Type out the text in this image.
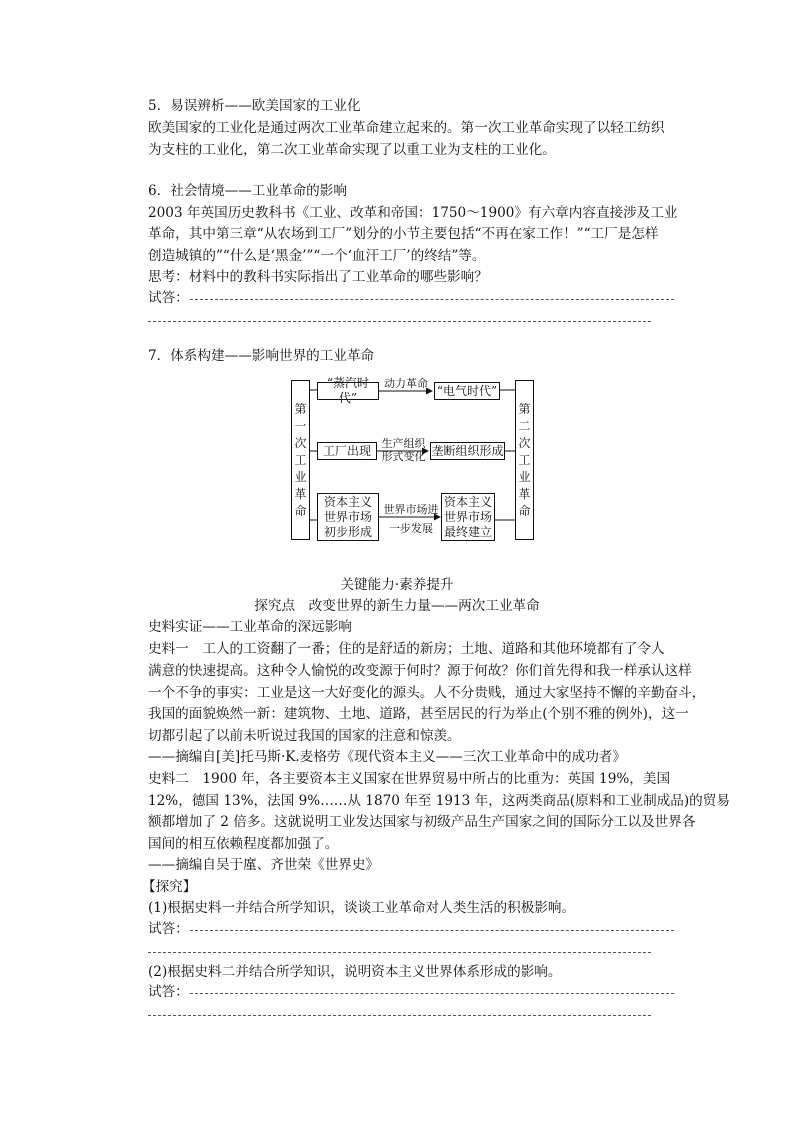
5．易误辨析——欧美国家的工业化
欧美国家的工业化是通过两次工业革命建立起来的。第一次工业革命实现了以轻工纺织
为支柱的工业化，第二次工业革命实现了以重工业为支柱的工业化。
6．社会情境——工业革命的影响
2003 年英国历史教科书《工业、改革和帝国：1750～1900》有六章内容直接涉及工业
革命，其中第三章“从农场到工厂”划分的小节主要包括“不再在家工作！”“工厂是怎样
创造城镇的”“什么是‘黑金’”“一个‘血汗工厂’的终结”等。
思考：材料中的教科书实际指出了工业革命的哪些影响？
试答：
7．体系构建——影响世界的工业革命
第
一
次
工
业
革
命
第
二
次
工
业
革
命
“蒸汽时代”
动力革命 “电气时代”
工厂出现 生产组织
形式变化 垄断组织形成
资本主义
世界市场
初步形成
世界市场进
一步发展
资本主义
世界市场
最终建立
关键能力·素养提升
探究点　改变世界的新生力量——两次工业革命
史料实证——工业革命的深远影响
史料一　工人的工资翻了一番；住的是舒适的新房；土地、道路和其他环境都有了令人
满意的快速提高。这种令人愉悦的改变源于何时？源于何故？你们首先得和我一样承认这样
一个不争的事实：工业是这一大好变化的源头。人不分贵贱，通过大家坚持不懈的辛勤奋斗，
我国的面貌焕然一新：建筑物、土地、道路，甚至居民的行为举止(个别不雅的例外)，这一
切都引起了以前未听说过我国的国家的注意和惊羡。
——摘编自[美]托马斯·K.麦格劳《现代资本主义——三次工业革命中的成功者》
史料二　1900 年，各主要资本主义国家在世界贸易中所占的比重为：英国 19%，美国
12%，德国 13%，法国 9%……从 1870 年至 1913 年，这两类商品(原料和工业制成品)的贸易
额都增加了 2 倍多。这就说明工业发达国家与初级产品生产国家之间的国际分工以及世界各
国间的相互依赖程度都加强了。
——摘编自吴于廑、齐世荣《世界史》
【探究】
(1)根据史料一并结合所学知识，谈谈工业革命对人类生活的积极影响。
试答：
(2)根据史料二并结合所学知识，说明资本主义世界体系形成的影响。
试答：
